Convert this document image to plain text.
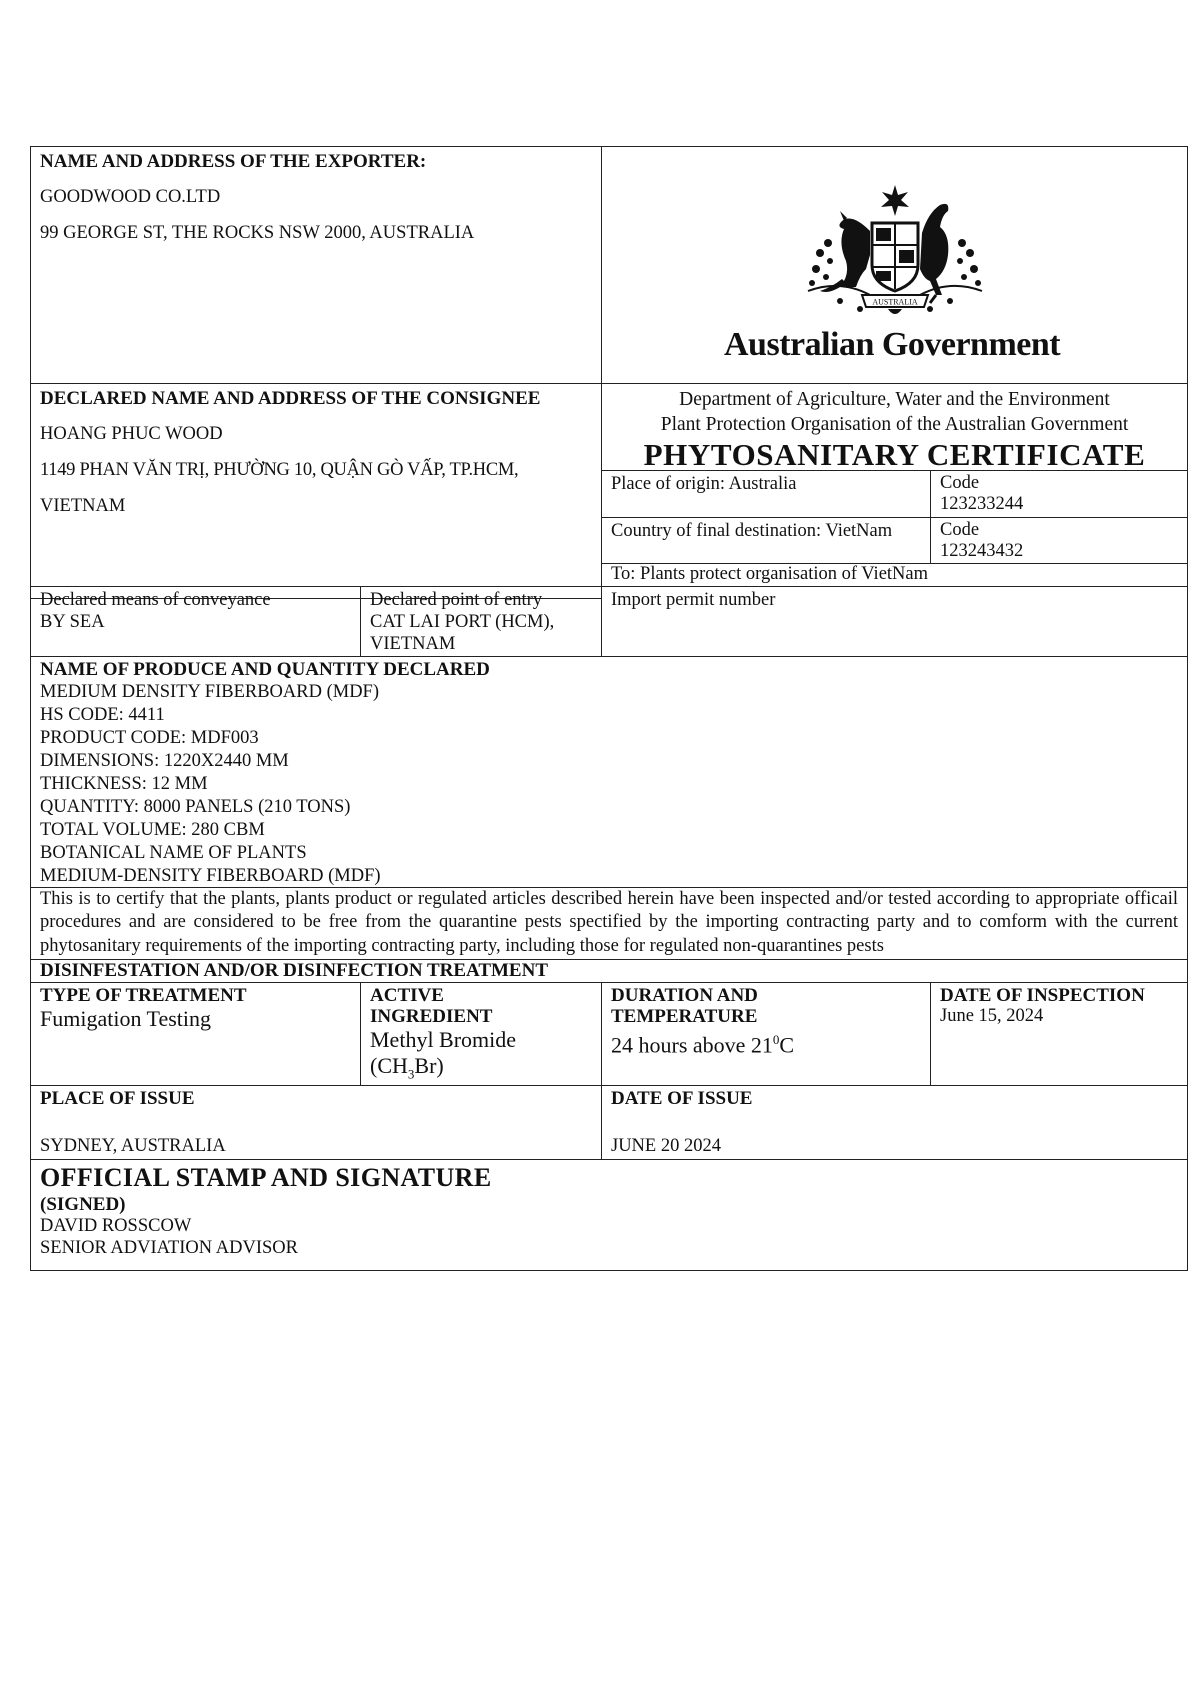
NAME AND ADDRESS OF THE EXPORTER:
GOODWOOD CO.LTD
99 GEORGE ST, THE ROCKS NSW 2000, AUSTRALIA
AUSTRALIA
Australian Government
DECLARED NAME AND ADDRESS OF THE CONSIGNEE
HOANG PHUC WOOD
1149 PHAN VĂN TRỊ, PHƯỜNG 10, QUẬN GÒ VẤP, TP.HCM,
VIETNAM
Department of Agriculture, Water and the Environment
Plant Protection Organisation of the Australian Government
PHYTOSANITARY CERTIFICATE
Place of origin: Australia	Code
123233244
Country of final destination: VietNam	Code
123243432
To: Plants protect organisation of VietNam
Declared means of conveyance
BY SEA
Declared point of entry
CAT LAI PORT (HCM),
VIETNAM
Import permit number
NAME OF PRODUCE AND QUANTITY DECLARED
MEDIUM DENSITY FIBERBOARD (MDF)
HS CODE: 4411
PRODUCT CODE: MDF003
DIMENSIONS: 1220X2440 MM
THICKNESS: 12 MM
QUANTITY: 8000 PANELS (210 TONS)
TOTAL VOLUME: 280 CBM
BOTANICAL NAME OF PLANTS
MEDIUM-DENSITY FIBERBOARD (MDF)
This is to certify that the plants, plants product or regulated articles described herein have been inspected and/or tested according to appropriate officail procedures and are considered to be free from the quarantine pests spectified by the importing contracting party and to comform with the current phytosanitary requirements of the importing contracting party, including those for regulated non-quarantines pests
DISINFESTATION AND/OR DISINFECTION TREATMENT
TYPE OF TREATMENT
Fumigation Testing
ACTIVE
INGREDIENT
Methyl Bromide
$(CH_3Br)$
DURATION AND
TEMPERATURE
24 hours above $21^0C$
DATE OF INSPECTION
June 15, 2024
PLACE OF ISSUE
SYDNEY, AUSTRALIA
DATE OF ISSUE
JUNE 20 2024
OFFICIAL STAMP AND SIGNATURE
(SIGNED)
DAVID ROSSCOW
SENIOR ADVIATION ADVISOR
